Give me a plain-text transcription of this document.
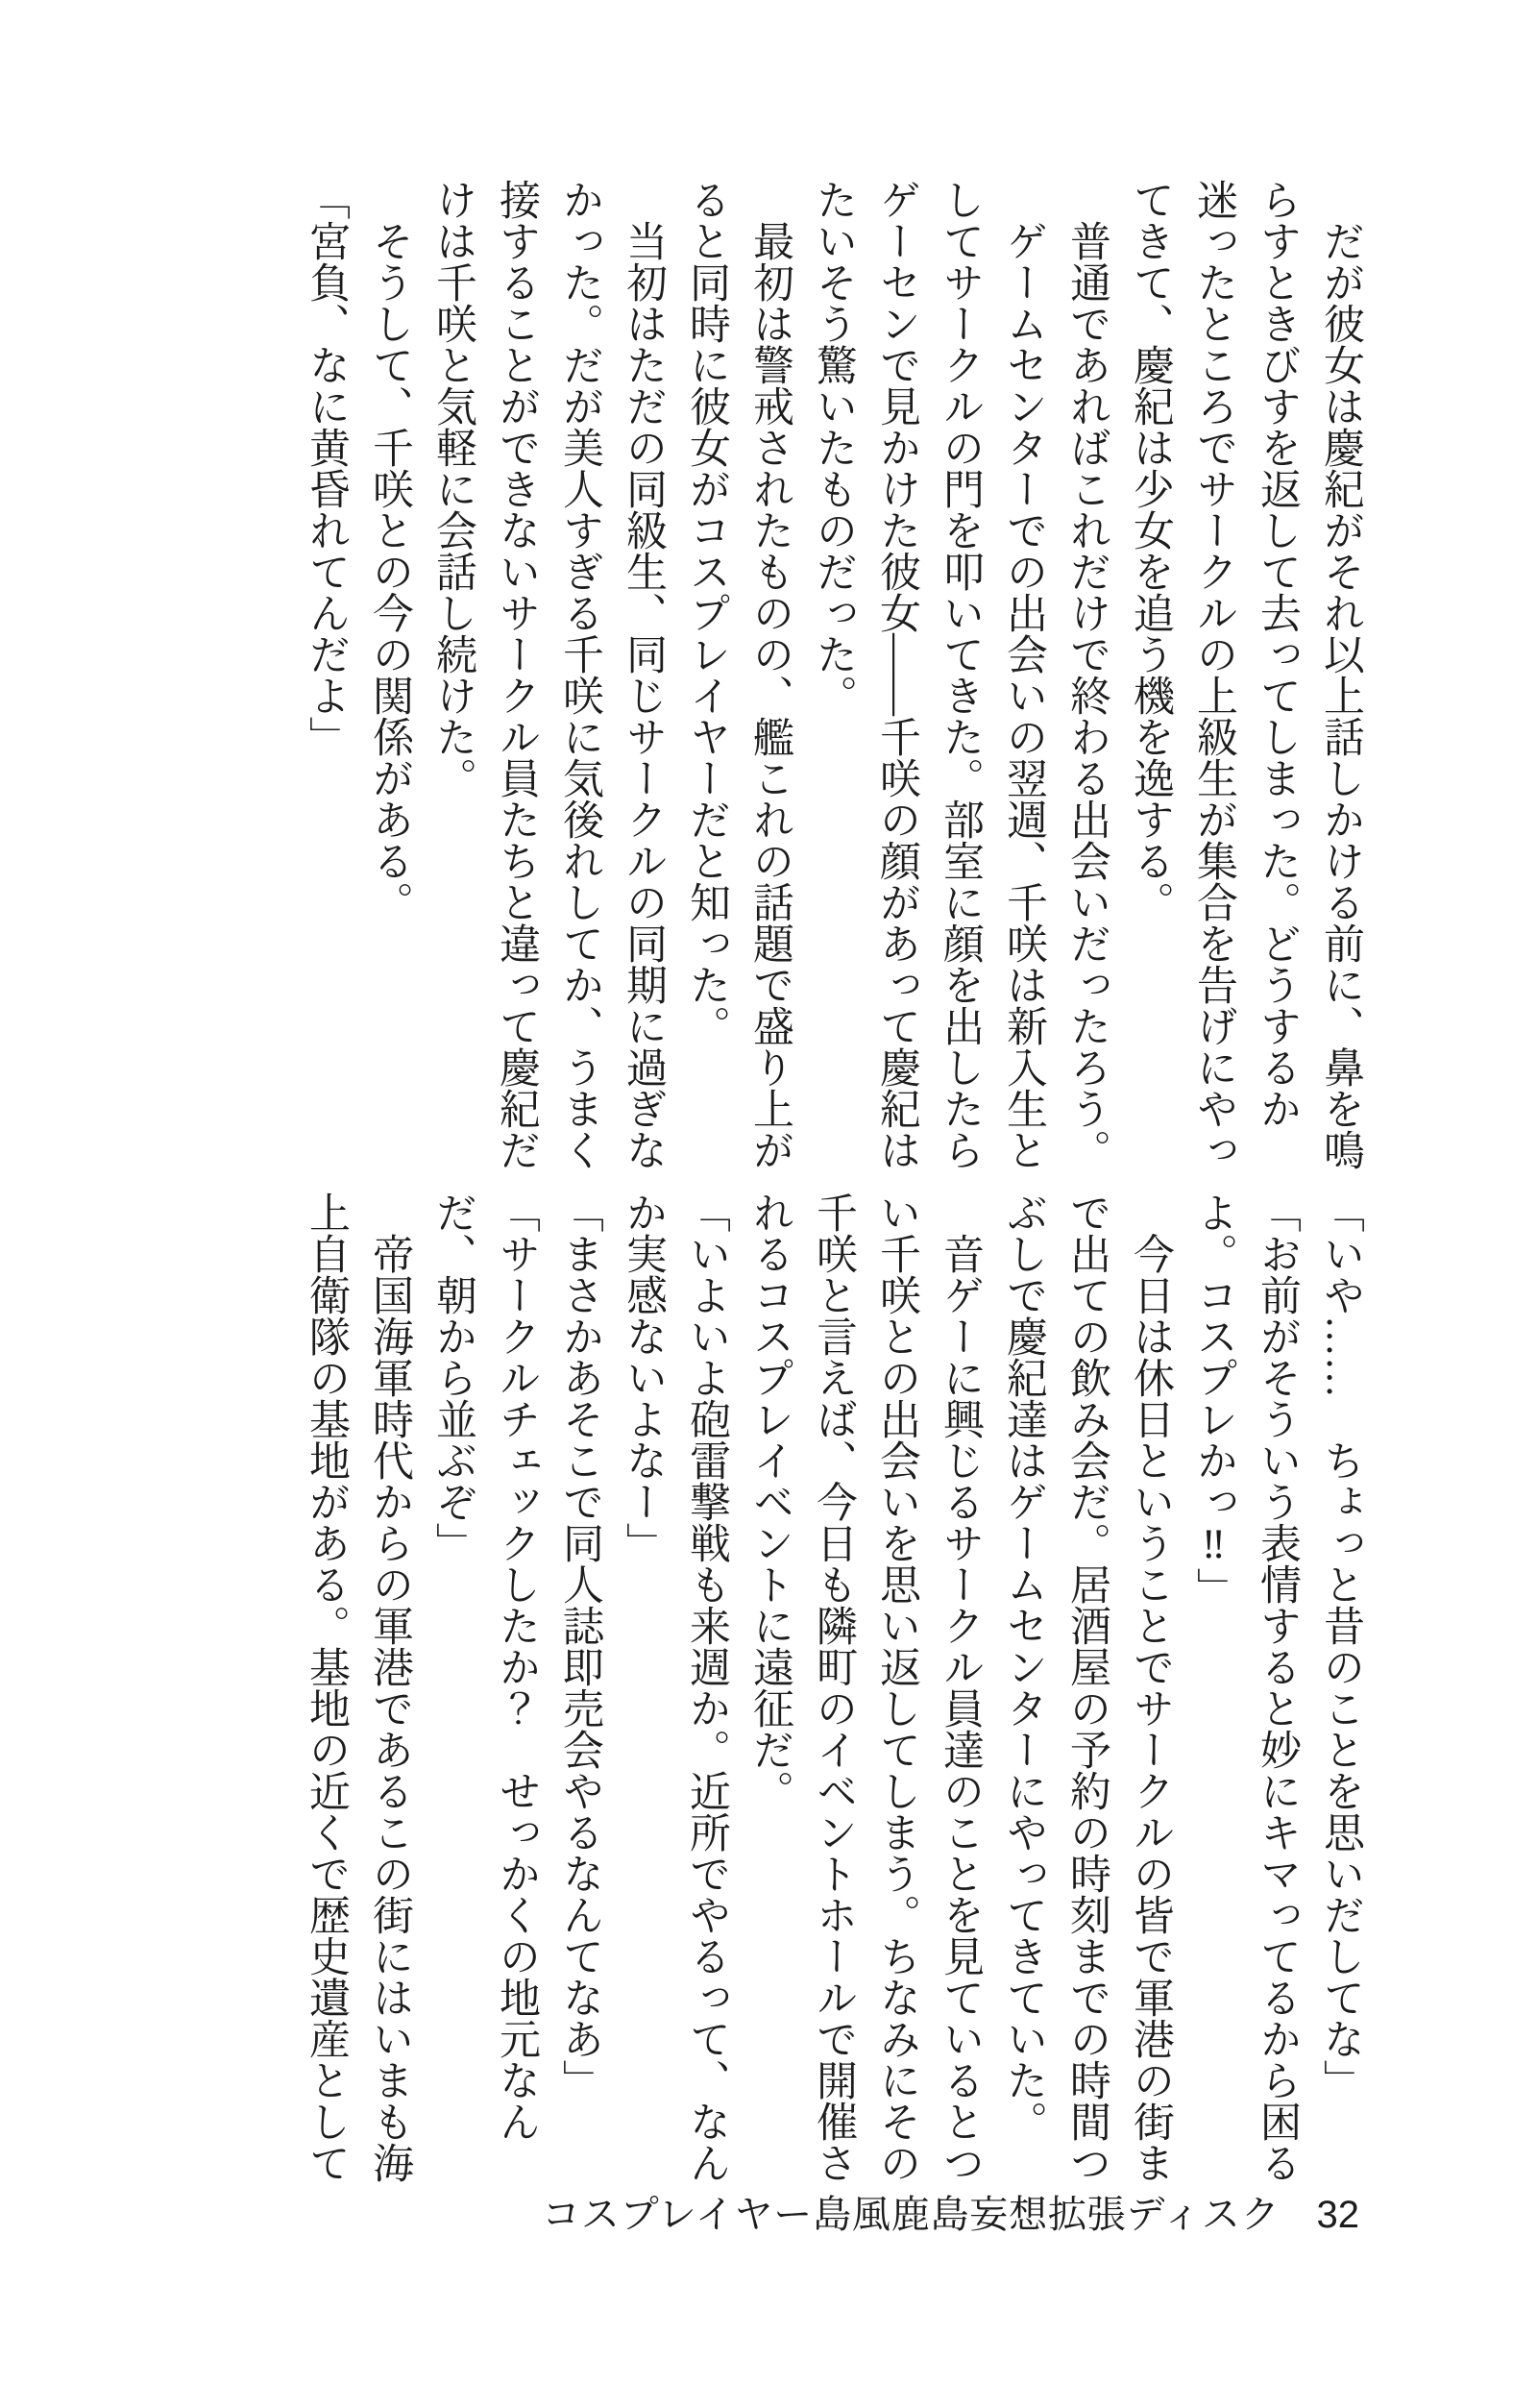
　だが彼女は慶紀がそれ以上話しかける前に、鼻を鳴
らすときびすを返して去ってしまった。どうするか
迷ったところでサークルの上級生が集合を告げにやっ
てきて、慶紀は少女を追う機を逸する。
　普通であればこれだけで終わる出会いだったろう。
　ゲームセンターでの出会いの翌週、千咲は新入生と
してサークルの門を叩いてきた。部室に顔を出したら
ゲーセンで見かけた彼女――千咲の顔があって慶紀は
たいそう驚いたものだった。
　最初は警戒されたものの、艦これの話題で盛り上が
ると同時に彼女がコスプレイヤーだと知った。
　当初はただの同級生、同じサークルの同期に過ぎな
かった。だが美人すぎる千咲に気後れしてか、うまく
接することができないサークル員たちと違って慶紀だ
けは千咲と気軽に会話し続けた。
　そうして、千咲との今の関係がある。
「宮負、なに黄昏れてんだよ」
「いや……　ちょっと昔のことを思いだしてな」
「お前がそういう表情すると妙にキマってるから困る
よ。コスプレかっ‼」
　今日は休日ということでサークルの皆で軍港の街ま
で出ての飲み会だ。居酒屋の予約の時刻までの時間つ
ぶしで慶紀達はゲームセンターにやってきていた。
　音ゲーに興じるサークル員達のことを見ているとつ
い千咲との出会いを思い返してしまう。ちなみにその
千咲と言えば、今日も隣町のイベントホールで開催さ
れるコスプレイベントに遠征だ。
「いよいよ砲雷撃戦も来週か。近所でやるって、なん
か実感ないよなー」
「まさかあそこで同人誌即売会やるなんてなあ」
「サークルチェックしたか？　せっかくの地元なん
だ、朝から並ぶぞ」
　帝国海軍時代からの軍港であるこの街にはいまも海
上自衛隊の基地がある。基地の近くで歴史遺産として
コスプレイヤー島風鹿島妄想拡張ディスク 32
